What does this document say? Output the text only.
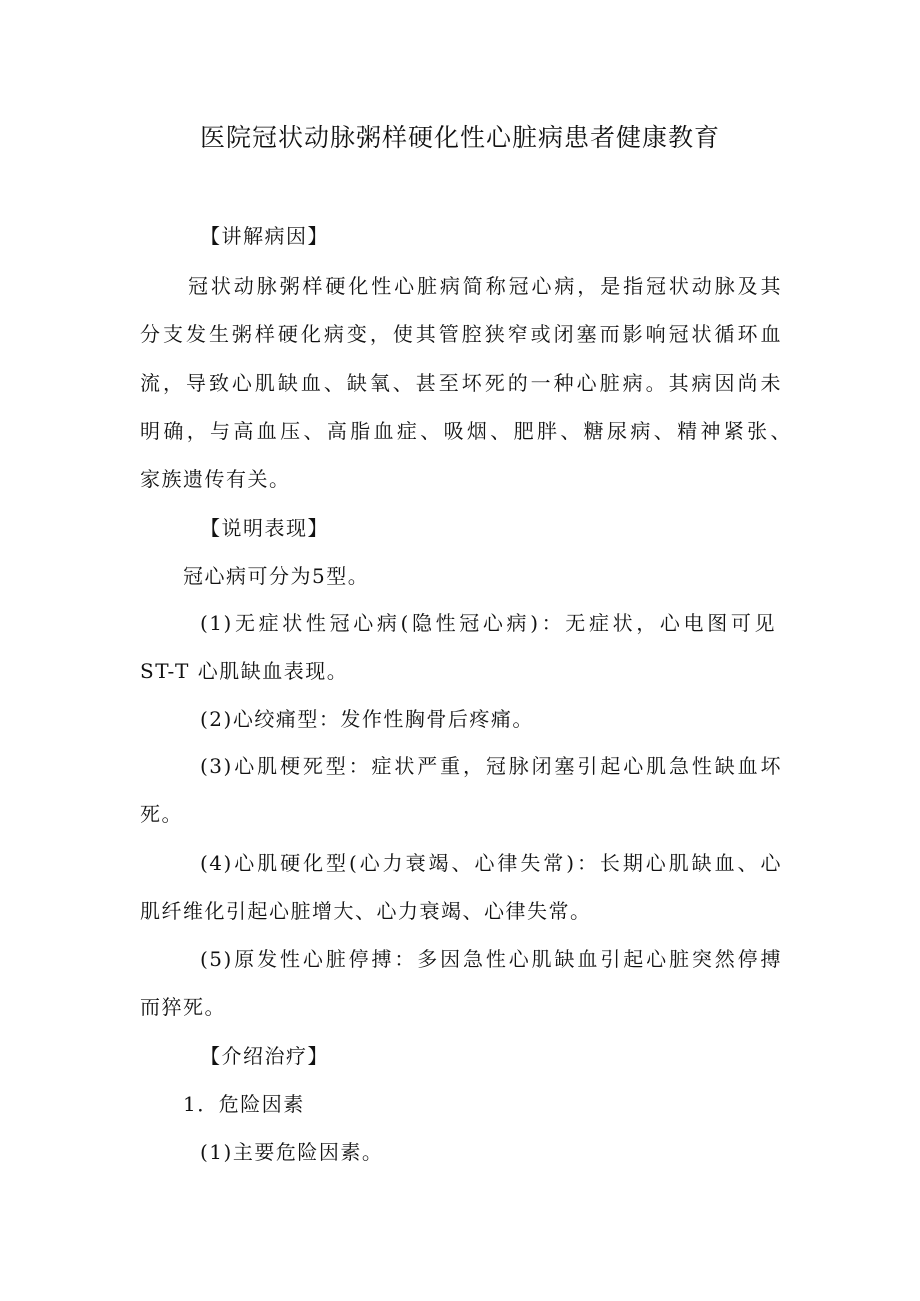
医院冠状动脉粥样硬化性心脏病患者健康教育
【讲解病因】
冠状动脉粥样硬化性心脏病简称冠心病，是指冠状动脉及其
分支发生粥样硬化病变，使其管腔狭窄或闭塞而影响冠状循环血
流，导致心肌缺血、缺氧、甚至坏死的一种心脏病。其病因尚未
明确，与高血压、高脂血症、吸烟、肥胖、糖尿病、精神紧张、
家族遗传有关。
【说明表现】
冠心病可分为5型。
(1)无症状性冠心病(隐性冠心病)：无症状，心电图可见
ST-T 心肌缺血表现。
(2)心绞痛型：发作性胸骨后疼痛。
(3)心肌梗死型：症状严重，冠脉闭塞引起心肌急性缺血坏
死。
(4)心肌硬化型(心力衰竭、心律失常)：长期心肌缺血、心
肌纤维化引起心脏增大、心力衰竭、心律失常。
(5)原发性心脏停搏：多因急性心肌缺血引起心脏突然停搏
而猝死。
【介绍治疗】
1．危险因素
(1)主要危险因素。
